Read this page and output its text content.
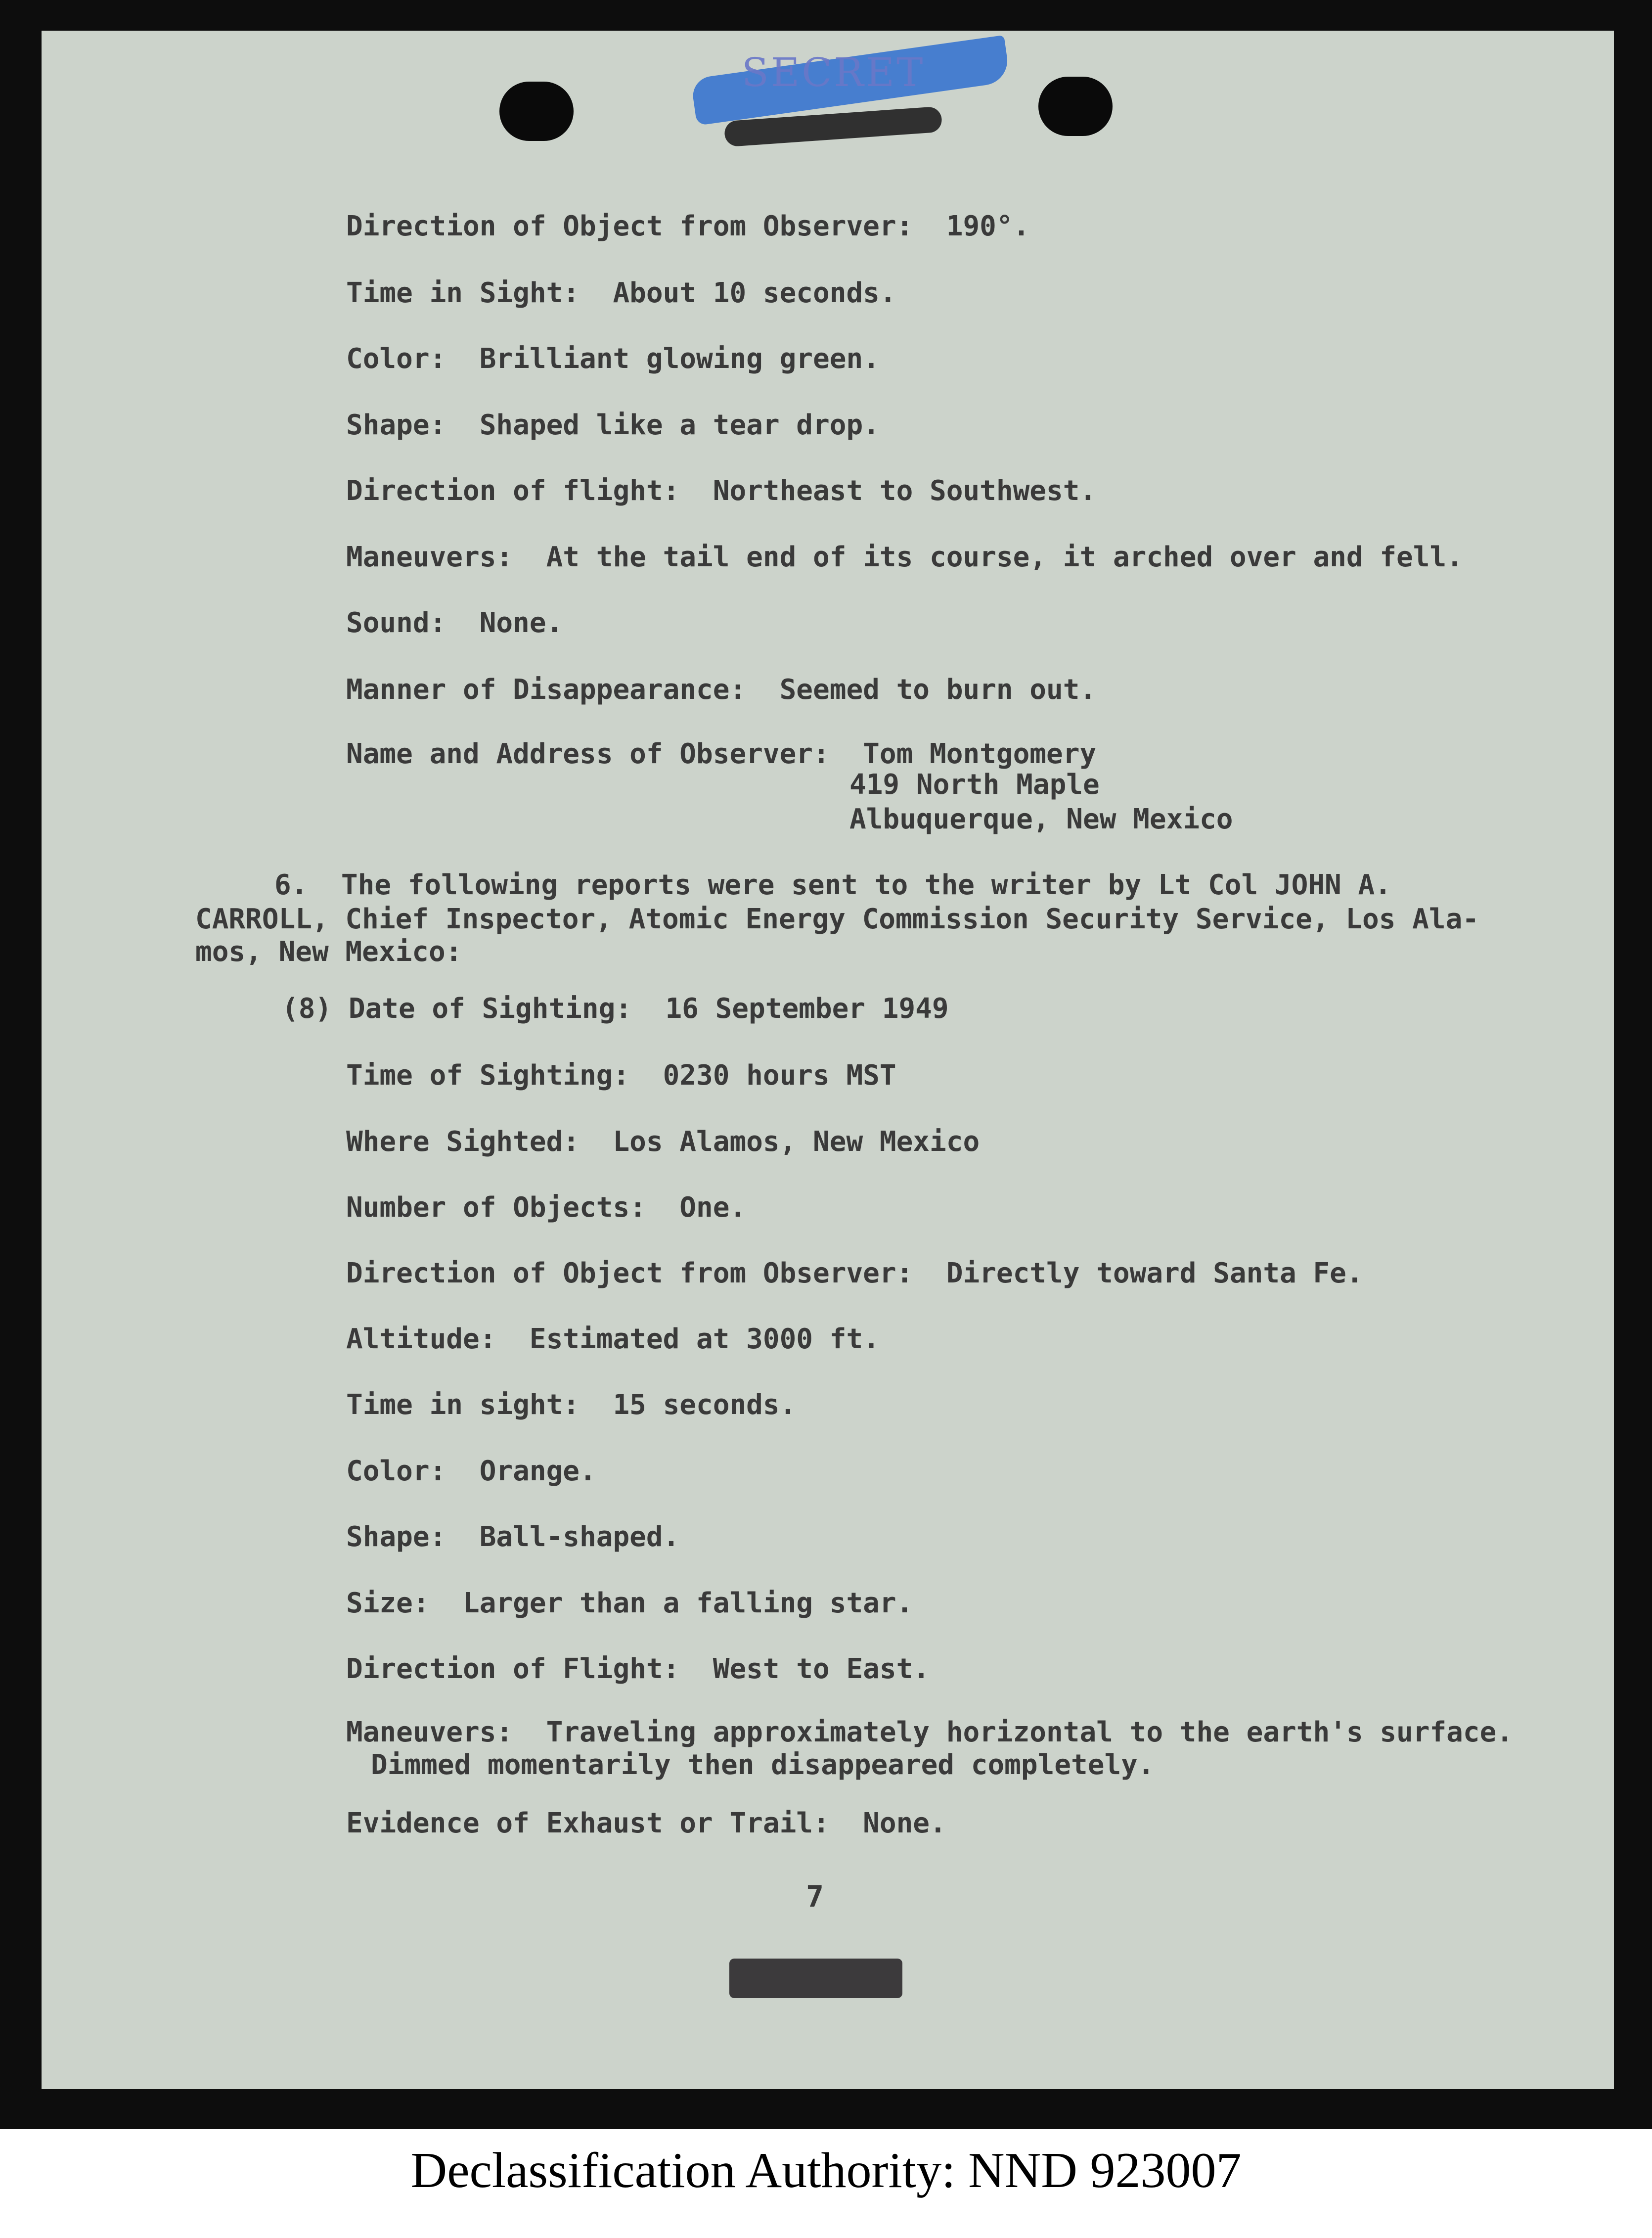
SECRET
Direction of Object from Observer:  190°.
Time in Sight:  About 10 seconds.
Color:  Brilliant glowing green.
Shape:  Shaped like a tear drop.
Direction of flight:  Northeast to Southwest.
Maneuvers:  At the tail end of its course, it arched over and fell.
Sound:  None.
Manner of Disappearance:  Seemed to burn out.
Name and Address of Observer:  Tom Montgomery
419 North Maple
Albuquerque, New Mexico
6.  The following reports were sent to the writer by Lt Col JOHN A.
CARROLL, Chief Inspector, Atomic Energy Commission Security Service, Los Ala-
mos, New Mexico:
(8) Date of Sighting:  16 September 1949
Time of Sighting:  0230 hours MST
Where Sighted:  Los Alamos, New Mexico
Number of Objects:  One.
Direction of Object from Observer:  Directly toward Santa Fe.
Altitude:  Estimated at 3000 ft.
Time in sight:  15 seconds.
Color:  Orange.
Shape:  Ball-shaped.
Size:  Larger than a falling star.
Direction of Flight:  West to East.
Maneuvers:  Traveling approximately horizontal to the earth's surface.
Dimmed momentarily then disappeared completely.
Evidence of Exhaust or Trail:  None.
7
Declassification Authority: NND 923007
